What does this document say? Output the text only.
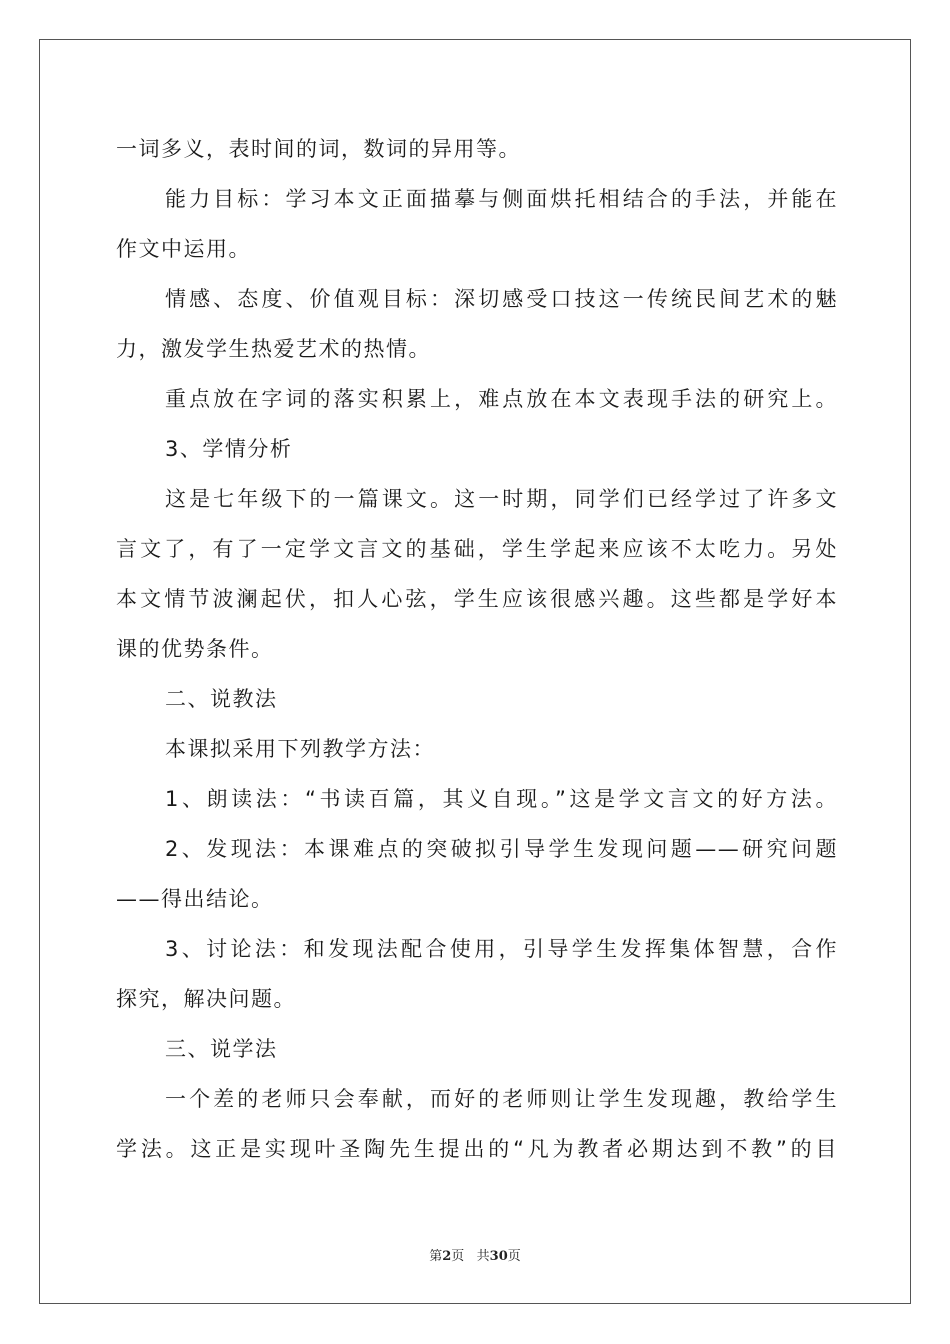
一词多义，表时间的词，数词的异用等。
能力目标：学习本文正面描摹与侧面烘托相结合的手法，并能在
作文中运用。
情感、态度、价值观目标：深切感受口技这一传统民间艺术的魅
力，激发学生热爱艺术的热情。
重点放在字词的落实积累上，难点放在本文表现手法的研究上。
3、学情分析
这是七年级下的一篇课文。这一时期，同学们已经学过了许多文
言文了，有了一定学文言文的基础，学生学起来应该不太吃力。另处
本文情节波澜起伏，扣人心弦，学生应该很感兴趣。这些都是学好本
课的优势条件。
二、说教法
本课拟采用下列教学方法：
1、朗读法：“书读百篇，其义自现。”这是学文言文的好方法。
2、发现法：本课难点的突破拟引导学生发现问题——研究问题
——得出结论。
3、讨论法：和发现法配合使用，引导学生发挥集体智慧，合作
探究，解决问题。
三、说学法
一个差的老师只会奉献，而好的老师则让学生发现趣，教给学生
学法。这正是实现叶圣陶先生提出的“凡为教者必期达到不教”的目
第2页   共30页
